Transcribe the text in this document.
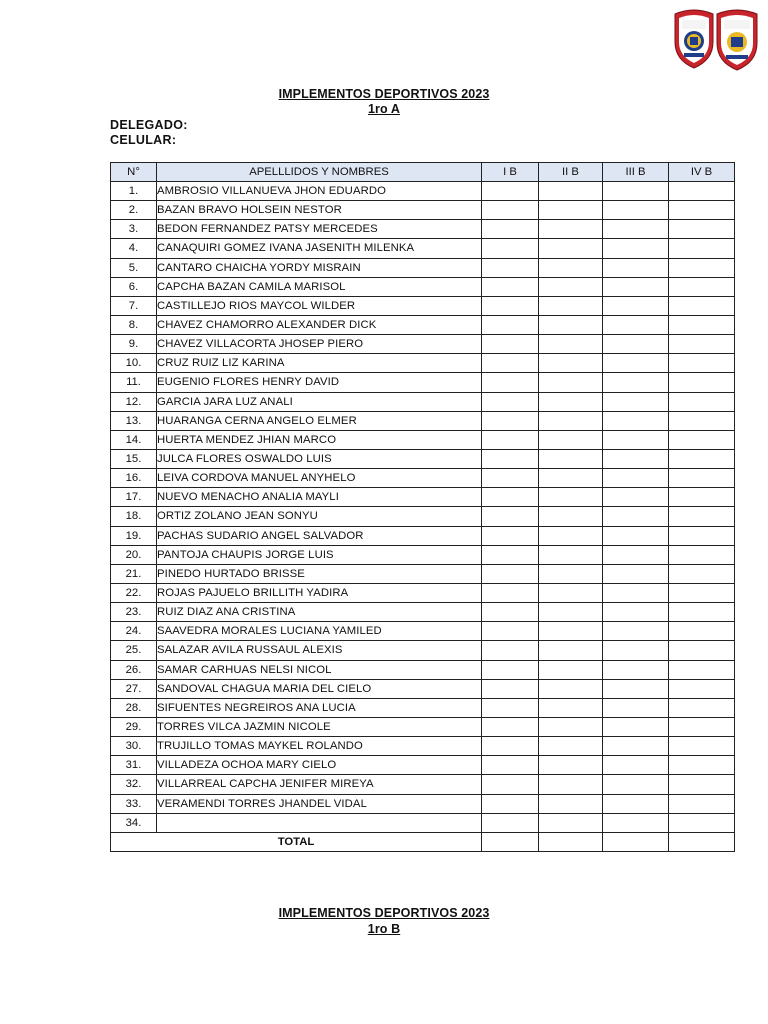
IMPLEMENTOS DEPORTIVOS 2023
1ro A
DELEGADO:
CELULAR:
N°	APELLLIDOS Y NOMBRES	I B	II B	III B	IV B
1.	AMBROSIO VILLANUEVA JHON EDUARDO				
2.	BAZAN BRAVO HOLSEIN NESTOR				
3.	BEDON FERNANDEZ PATSY MERCEDES				
4.	CANAQUIRI GOMEZ IVANA JASENITH MILENKA				
5.	CANTARO CHAICHA YORDY MISRAIN				
6.	CAPCHA BAZAN CAMILA MARISOL				
7.	CASTILLEJO RIOS MAYCOL WILDER				
8.	CHAVEZ CHAMORRO ALEXANDER DICK				
9.	CHAVEZ VILLACORTA JHOSEP PIERO				
10.	CRUZ RUIZ LIZ KARINA				
11.	EUGENIO FLORES HENRY DAVID				
12.	GARCIA JARA LUZ ANALI				
13.	HUARANGA CERNA ANGELO ELMER				
14.	HUERTA MENDEZ JHIAN MARCO				
15.	JULCA FLORES OSWALDO LUIS				
16.	LEIVA CORDOVA MANUEL ANYHELO				
17.	NUEVO MENACHO ANALIA MAYLI				
18.	ORTIZ ZOLANO JEAN SONYU				
19.	PACHAS SUDARIO ANGEL SALVADOR				
20.	PANTOJA CHAUPIS JORGE LUIS				
21.	PINEDO HURTADO BRISSE				
22.	ROJAS PAJUELO BRILLITH YADIRA				
23.	RUIZ DIAZ ANA CRISTINA				
24.	SAAVEDRA MORALES LUCIANA YAMILED				
25.	SALAZAR AVILA RUSSAUL ALEXIS				
26.	SAMAR CARHUAS NELSI NICOL				
27.	SANDOVAL CHAGUA MARIA DEL CIELO				
28.	SIFUENTES NEGREIROS ANA LUCIA				
29.	TORRES VILCA JAZMIN NICOLE				
30.	TRUJILLO TOMAS MAYKEL ROLANDO				
31.	VILLADEZA OCHOA MARY CIELO				
32.	VILLARREAL CAPCHA JENIFER MIREYA				
33.	VERAMENDI TORRES JHANDEL VIDAL				
34.					
TOTAL					
IMPLEMENTOS DEPORTIVOS 2023
1ro B
